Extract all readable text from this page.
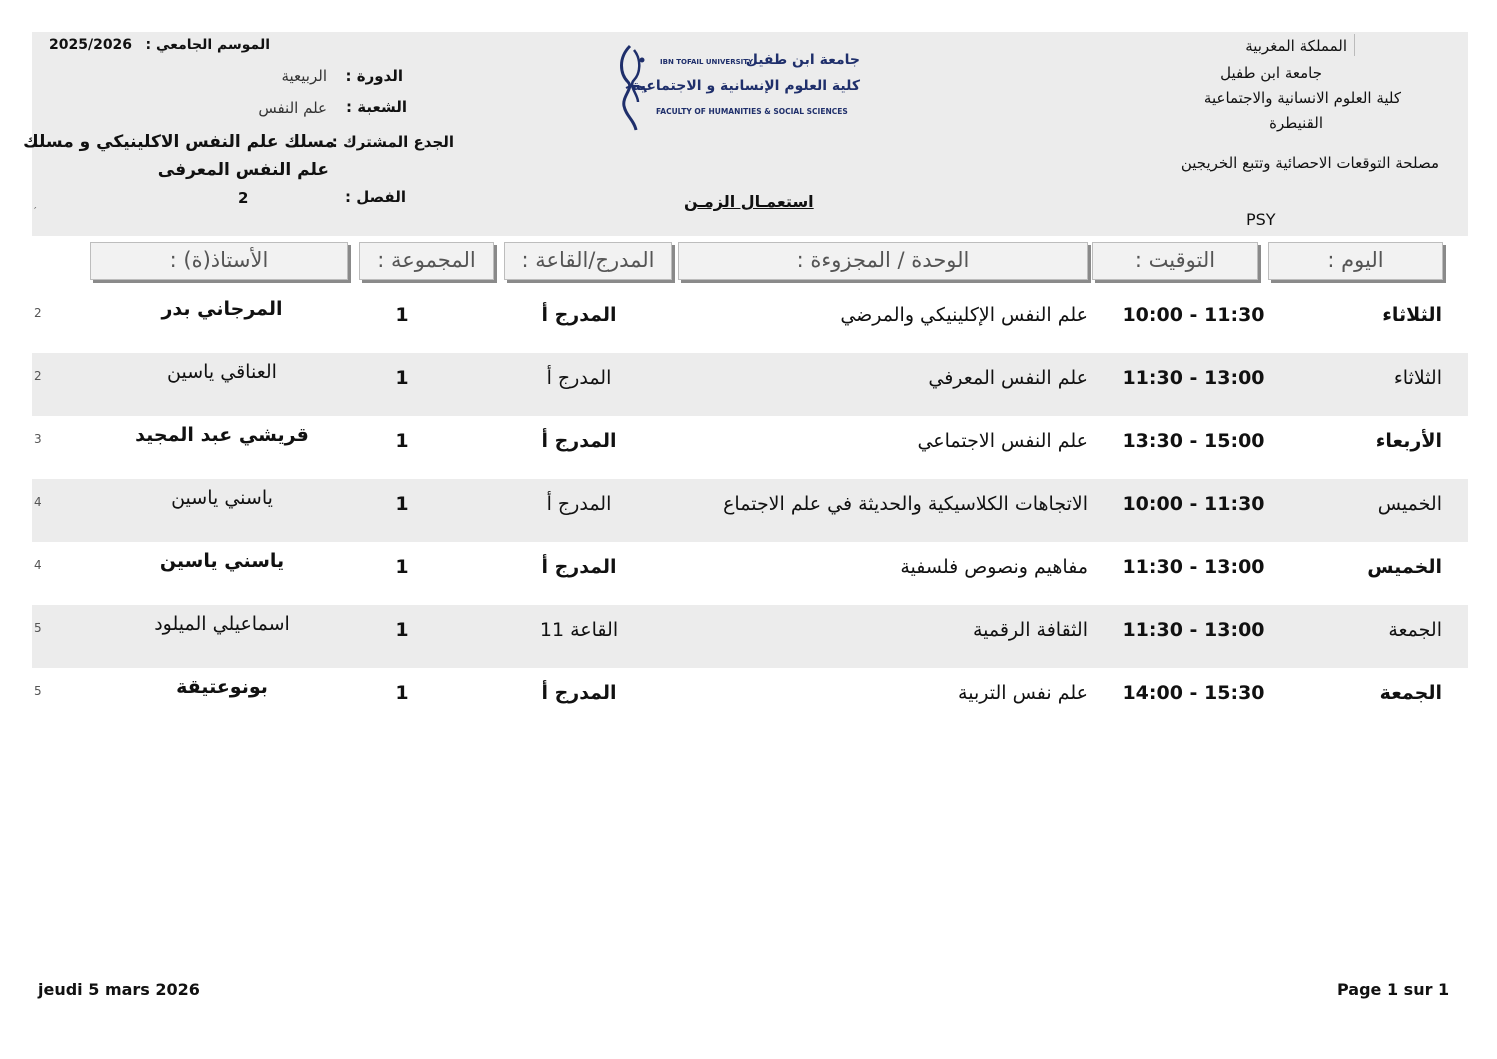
المملكة المغربية
جامعة ابن طفيل
كلية العلوم الانسانية والاجتماعية
القنيطرة
مصلحة التوقعات الاحصائية وتتبع الخريجين
PSY
الموسم الجامعي :
2025/2026
الدورة :
الربيعية
الشعبة :
علم النفس
الجدع المشترك :
مسلك علم النفس الاكلينيكي و مسلك
علم النفس المعرفى
الفصل :
2
′
IBN TOFAIL UNIVERSITY
جامعة ابن طفيل
كلية العلوم الإنسانية و الاجتماعية
FACULTY OF HUMANITIES & SOCIAL SCIENCES
استعمـال الزمـن
اليوم :
التوقيت :
الوحدة / المجزوءة :
المدرج/القاعة :
المجموعة :
الأستاذ(ة) :
الثلاثاء
10:00 - 11:30
علم النفس الإكلينيكي والمرضي
المدرج أ
1
المرجاني بدر
2
الثلاثاء
11:30 - 13:00
علم النفس المعرفي
المدرج أ
1
العناقي ياسين
2
الأربعاء
13:30 - 15:00
علم النفس الاجتماعي
المدرج أ
1
قريشي عبد المجيد
3
الخميس
10:00 - 11:30
الاتجاهات الكلاسيكية والحديثة في علم الاجتماع
المدرج أ
1
ياسني ياسين
4
الخميس
11:30 - 13:00
مفاهيم ونصوص فلسفية
المدرج أ
1
ياسني ياسين
4
الجمعة
11:30 - 13:00
الثقافة الرقمية
القاعة 11
1
اسماعيلي الميلود
5
الجمعة
14:00 - 15:30
علم نفس التربية
المدرج أ
1
بونوعتيقة
5
jeudi 5 mars 2026	Page 1 sur 1
